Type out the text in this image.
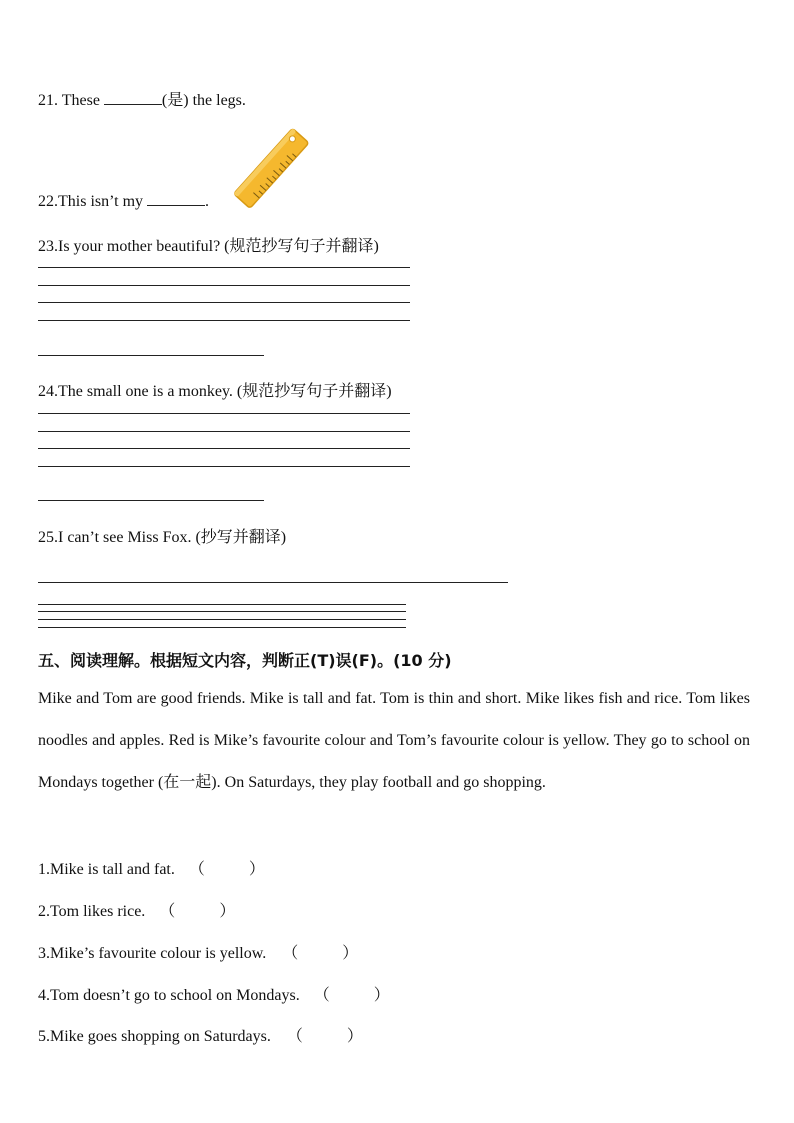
21. These	(是) the legs.
22.This isn’t my	.
23.Is your mother beautiful? (规范抄写句子并翻译)
24.The small one is a monkey. (规范抄写句子并翻译)
25.I can’t see Miss Fox. (抄写并翻译)
五、阅读理解。根据短文内容，判断正(T)误(F)。(10 分)
Mike and Tom are good friends. Mike is tall and fat. Tom is thin and short. Mike likes fish and rice. Tom likes noodles and apples. Red is Mike’s favourite colour and Tom’s favourite colour is yellow. They go to school on Mondays together (在一起). On Saturdays, they play football and go shopping.
1.Mike is tall and fat. （	）
2.Tom likes rice. （	）
3.Mike’s favourite colour is yellow. （	）
4.Tom doesn’t go to school on Mondays. （	）
5.Mike goes shopping on Saturdays. （	）
